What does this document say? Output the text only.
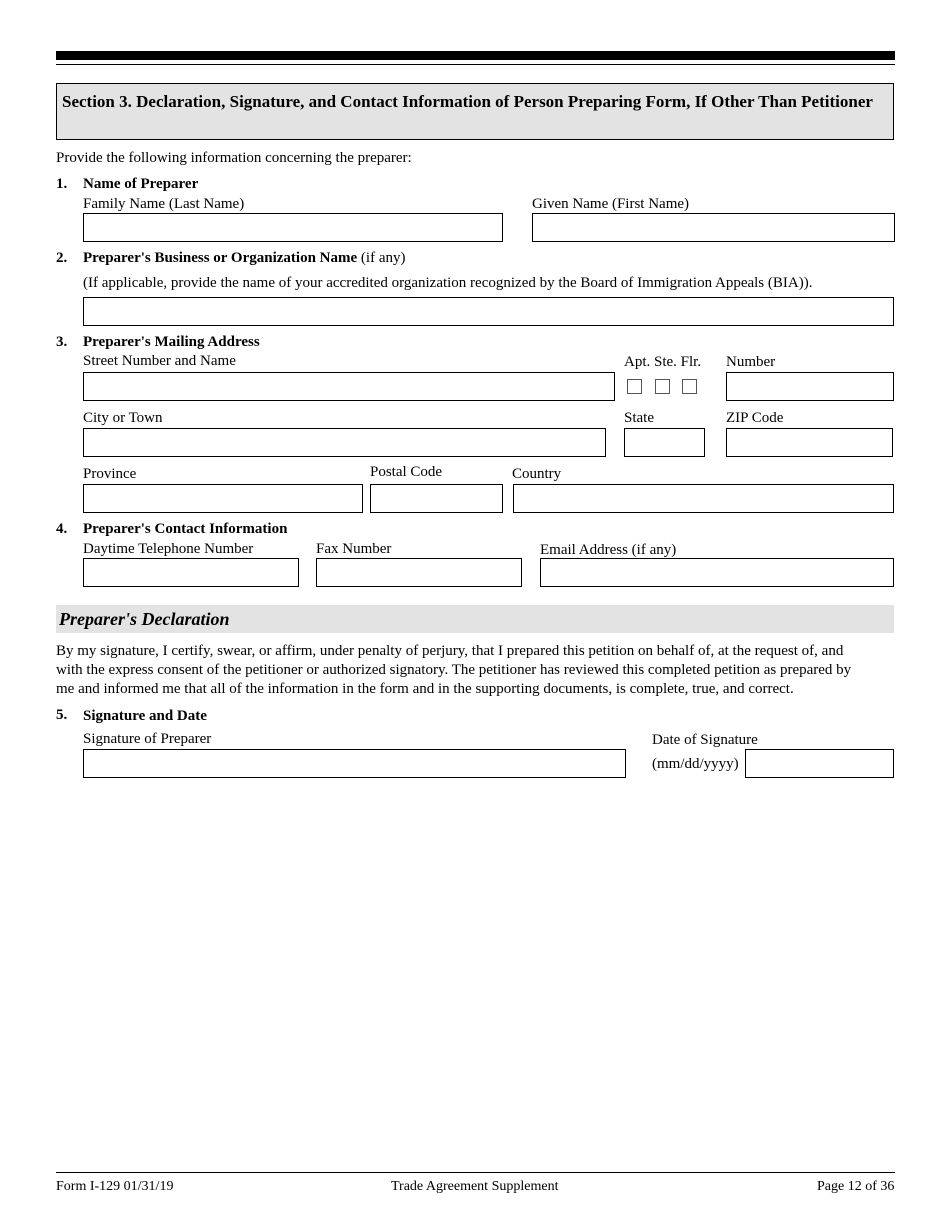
Section 3. Declaration, Signature, and Contact Information of Person Preparing Form, If Other Than Petitioner
Provide the following information concerning the preparer:
1. Name of Preparer
Family Name (Last Name)	Given Name (First Name)
2. Preparer's Business or Organization Name (if any)
(If applicable, provide the name of your accredited organization recognized by the Board of Immigration Appeals (BIA)).
3. Preparer's Mailing Address
Street Number and Name	Apt. Ste. Flr. Number
City or Town	State	ZIP Code
Province	Postal Code	Country
4. Preparer's Contact Information
Daytime Telephone Number	Fax Number	Email Address (if any)
Preparer's Declaration
By my signature, I certify, swear, or affirm, under penalty of perjury, that I prepared this petition on behalf of, at the request of, and
with the express consent of the petitioner or authorized signatory. The petitioner has reviewed this completed petition as prepared by
me and informed me that all of the information in the form and in the supporting documents, is complete, true, and correct.
5. Signature and Date
Signature of Preparer	Date of Signature
(mm/dd/yyyy)
Form I-129 01/31/19	Trade Agreement Supplement	Page 12 of 36
